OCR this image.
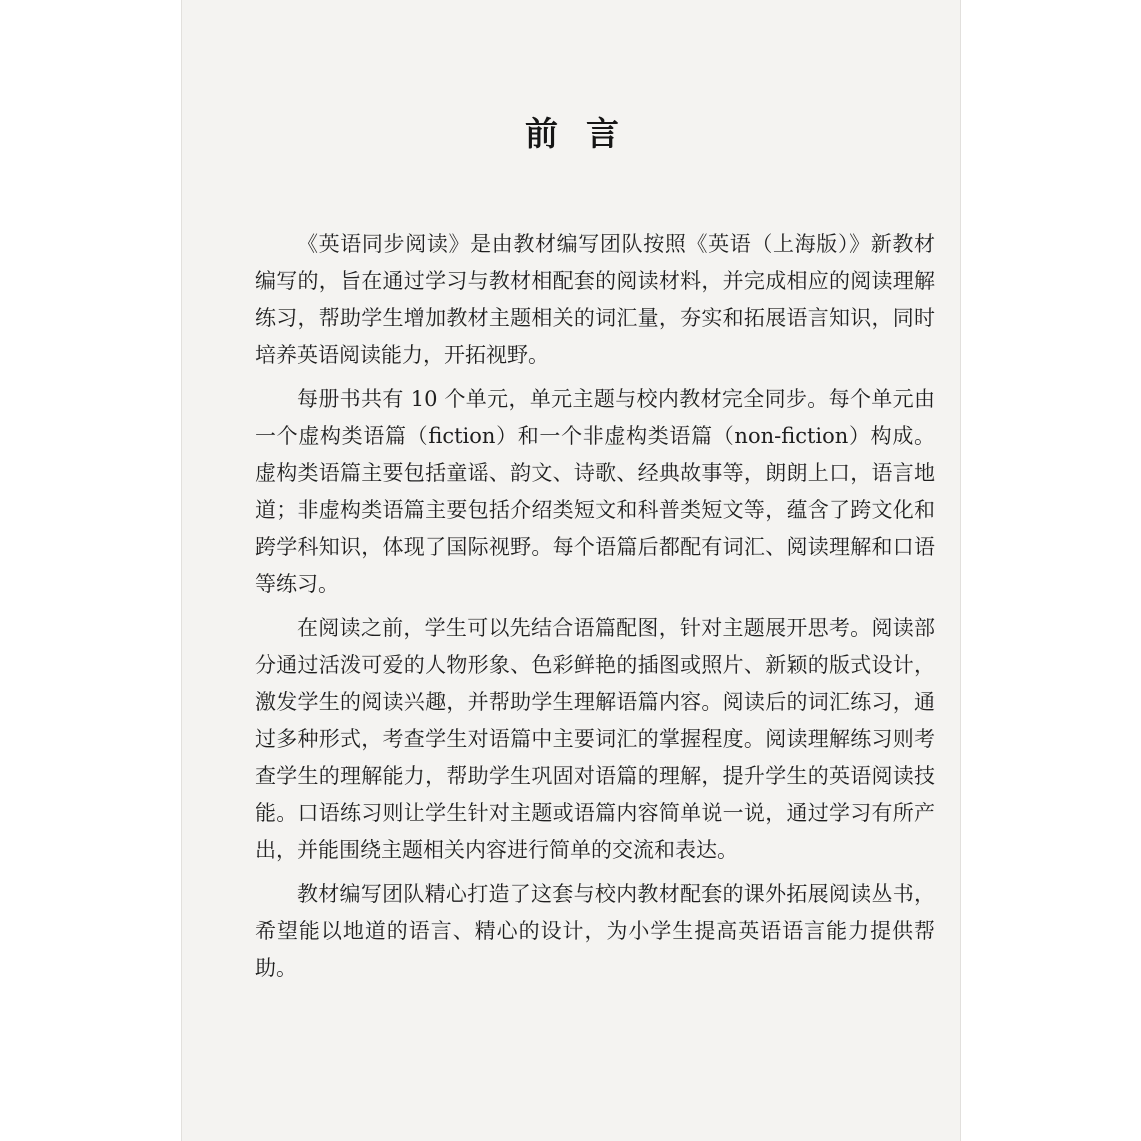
前言

《英语同步阅读》是由教材编写团队按照《英语（上海版）》新教材编写的，旨在通过学习与教材相配套的阅读材料，并完成相应的阅读理解练习，帮助学生增加教材主题相关的词汇量，夯实和拓展语言知识，同时培养英语阅读能力，开拓视野。

每册书共有 10 个单元，单元主题与校内教材完全同步。每个单元由一个虚构类语篇（fiction）和一个非虚构类语篇（non-fiction）构成。虚构类语篇主要包括童谣、韵文、诗歌、经典故事等，朗朗上口，语言地道；非虚构类语篇主要包括介绍类短文和科普类短文等，蕴含了跨文化和跨学科知识，体现了国际视野。每个语篇后都配有词汇、阅读理解和口语等练习。

在阅读之前，学生可以先结合语篇配图，针对主题展开思考。阅读部分通过活泼可爱的人物形象、色彩鲜艳的插图或照片、新颖的版式设计，激发学生的阅读兴趣，并帮助学生理解语篇内容。阅读后的词汇练习，通过多种形式，考查学生对语篇中主要词汇的掌握程度。阅读理解练习则考查学生的理解能力，帮助学生巩固对语篇的理解，提升学生的英语阅读技能。口语练习则让学生针对主题或语篇内容简单说一说，通过学习有所产出，并能围绕主题相关内容进行简单的交流和表达。

教材编写团队精心打造了这套与校内教材配套的课外拓展阅读丛书，希望能以地道的语言、精心的设计，为小学生提高英语语言能力提供帮助。
